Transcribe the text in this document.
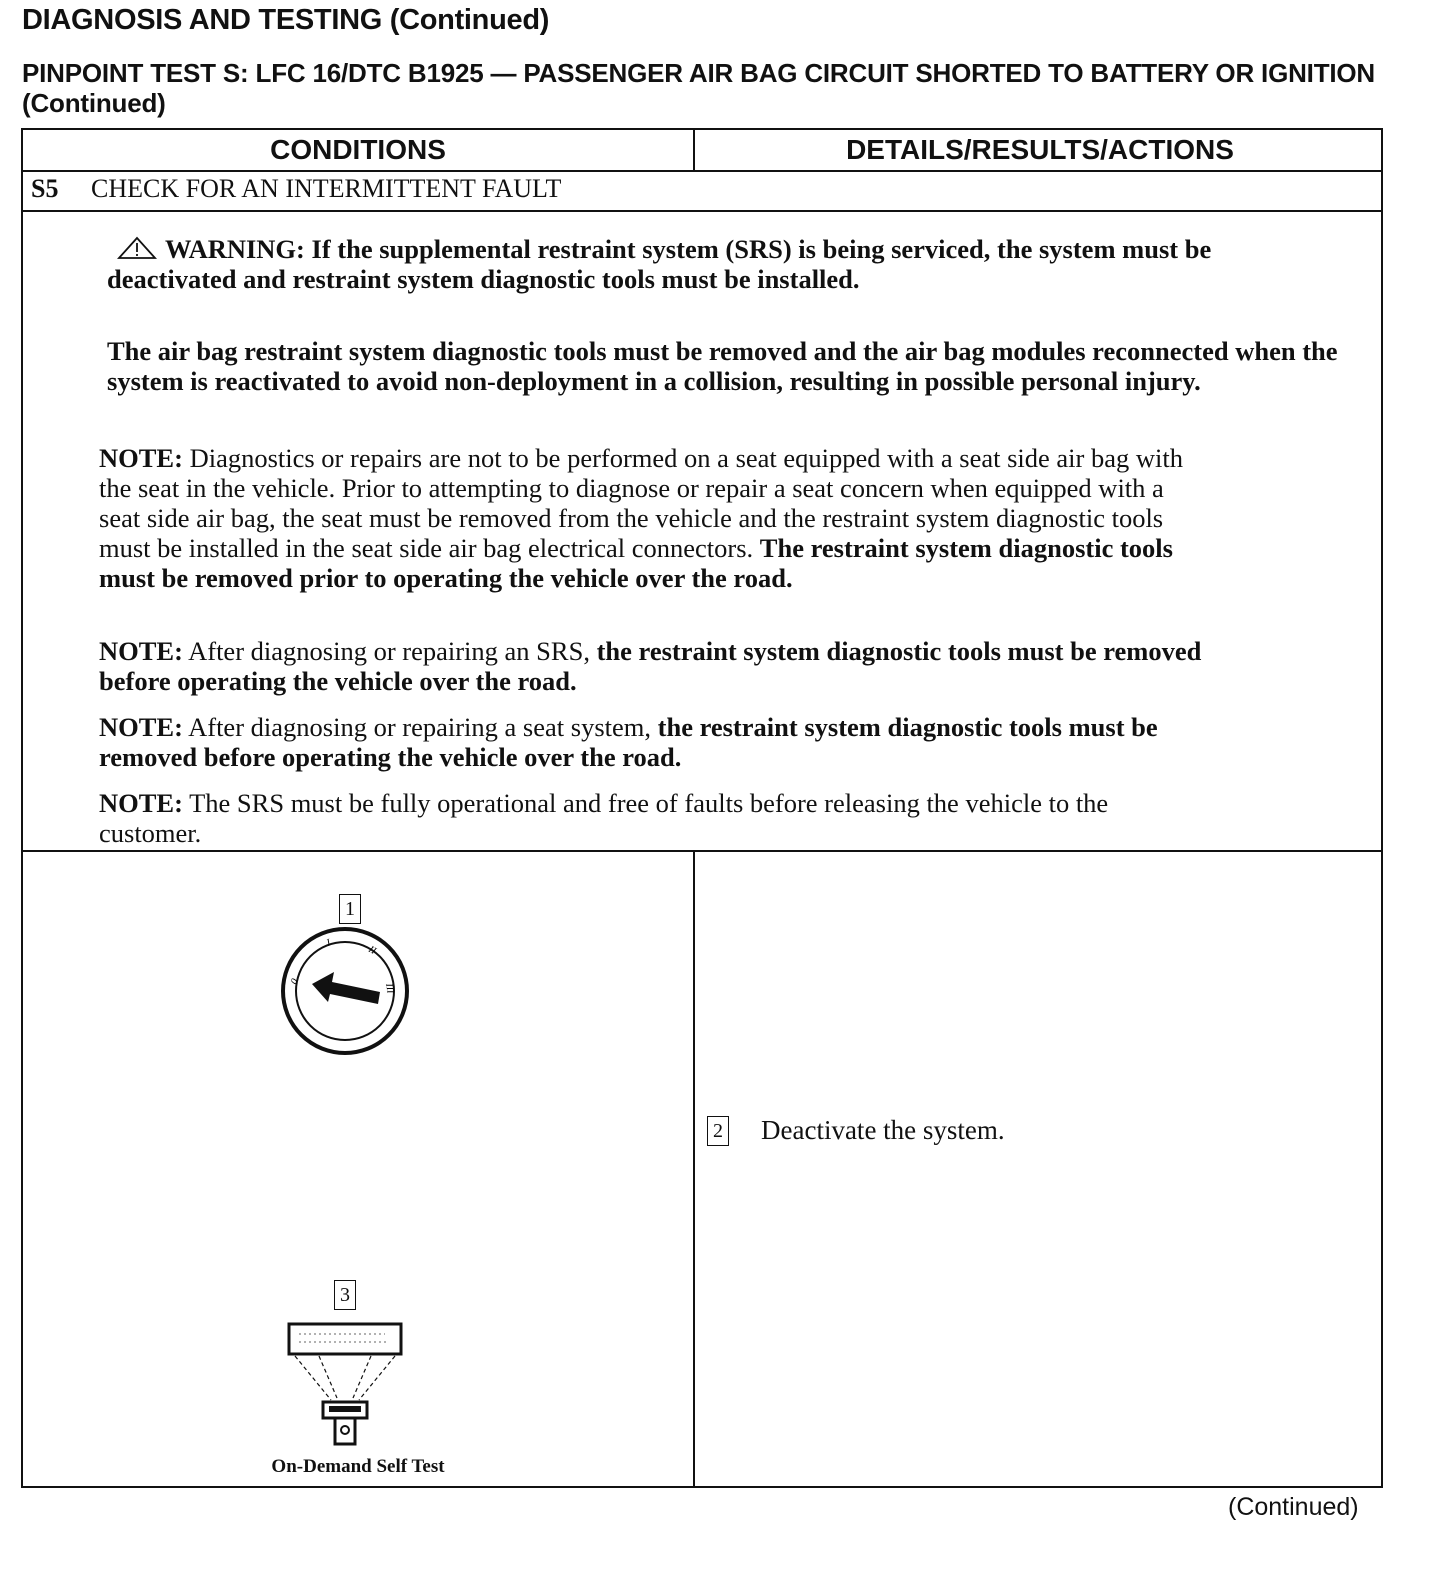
DIAGNOSIS AND TESTING (Continued)
PINPOINT TEST S: LFC 16/DTC B1925 — PASSENGER AIR BAG CIRCUIT SHORTED TO BATTERY OR IGNITION (Continued)
CONDITIONS	DETAILS/RESULTS/ACTIONS
S5 CHECK FOR AN INTERMITTENT FAULT
WARNING: If the supplemental restraint system (SRS) is being serviced, the system must be deactivated and restraint system diagnostic tools must be installed.
The air bag restraint system diagnostic tools must be removed and the air bag modules reconnected when the system is reactivated to avoid non-deployment in a collision, resulting in possible personal injury.
NOTE: Diagnostics or repairs are not to be performed on a seat equipped with a seat side air bag with the seat in the vehicle. Prior to attempting to diagnose or repair a seat concern when equipped with a seat side air bag, the seat must be removed from the vehicle and the restraint system diagnostic tools must be installed in the seat side air bag electrical connectors. The restraint system diagnostic tools must be removed prior to operating the vehicle over the road.
NOTE: After diagnosing or repairing an SRS, the restraint system diagnostic tools must be removed before operating the vehicle over the road.
NOTE: After diagnosing or repairing a seat system, the restraint system diagnostic tools must be removed before operating the vehicle over the road.
NOTE: The SRS must be fully operational and free of faults before releasing the vehicle to the customer.
1
0
I
II
III
3
On-Demand Self Test
2 Deactivate the system.
(Continued)
